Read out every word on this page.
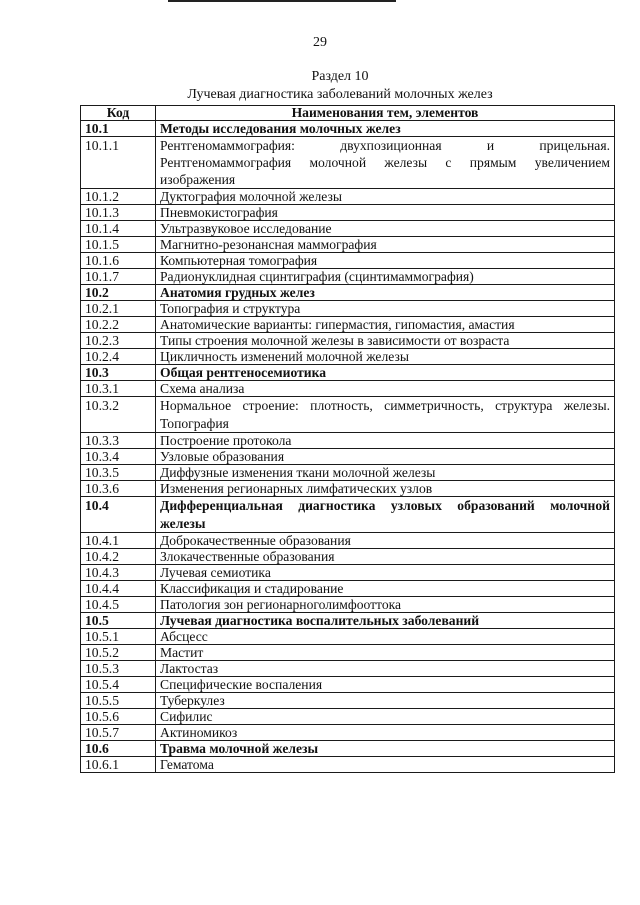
29
Раздел 10
Лучевая диагностика заболеваний молочных желез
Код	Наименования тем, элементов
10.1	Методы исследования молочных желез
10.1.1	Рентгеномаммография: двухпозиционная и прицельная. Рентгеномаммография молочной железы с прямым увеличением изображения
10.1.2	Дуктография молочной железы
10.1.3	Пневмокистография
10.1.4	Ультразвуковое исследование
10.1.5	Магнитно-резонансная маммография
10.1.6	Компьютерная томография
10.1.7	Радионуклидная сцинтиграфия (сцинтимаммография)
10.2	Анатомия грудных желез
10.2.1	Топография и структура
10.2.2	Анатомические варианты: гипермастия, гипомастия, амастия
10.2.3	Типы строения молочной железы в зависимости от возраста
10.2.4	Цикличность изменений молочной железы
10.3	Общая рентгеносемиотика
10.3.1	Схема анализа
10.3.2	Нормальное строение: плотность, симметричность, структура железы. Топография
10.3.3	Построение протокола
10.3.4	Узловые образования
10.3.5	Диффузные изменения ткани молочной железы
10.3.6	Изменения регионарных лимфатических узлов
10.4	Дифференциальная диагностика узловых образований молочной железы
10.4.1	Доброкачественные образования
10.4.2	Злокачественные образования
10.4.3	Лучевая семиотика
10.4.4	Классификация и стадирование
10.4.5	Патология зон регионарноголимфооттока
10.5	Лучевая диагностика воспалительных заболеваний
10.5.1	Абсцесс
10.5.2	Мастит
10.5.3	Лактостаз
10.5.4	Специфические воспаления
10.5.5	Туберкулез
10.5.6	Сифилис
10.5.7	Актиномикоз
10.6	Травма молочной железы
10.6.1	Гематома
